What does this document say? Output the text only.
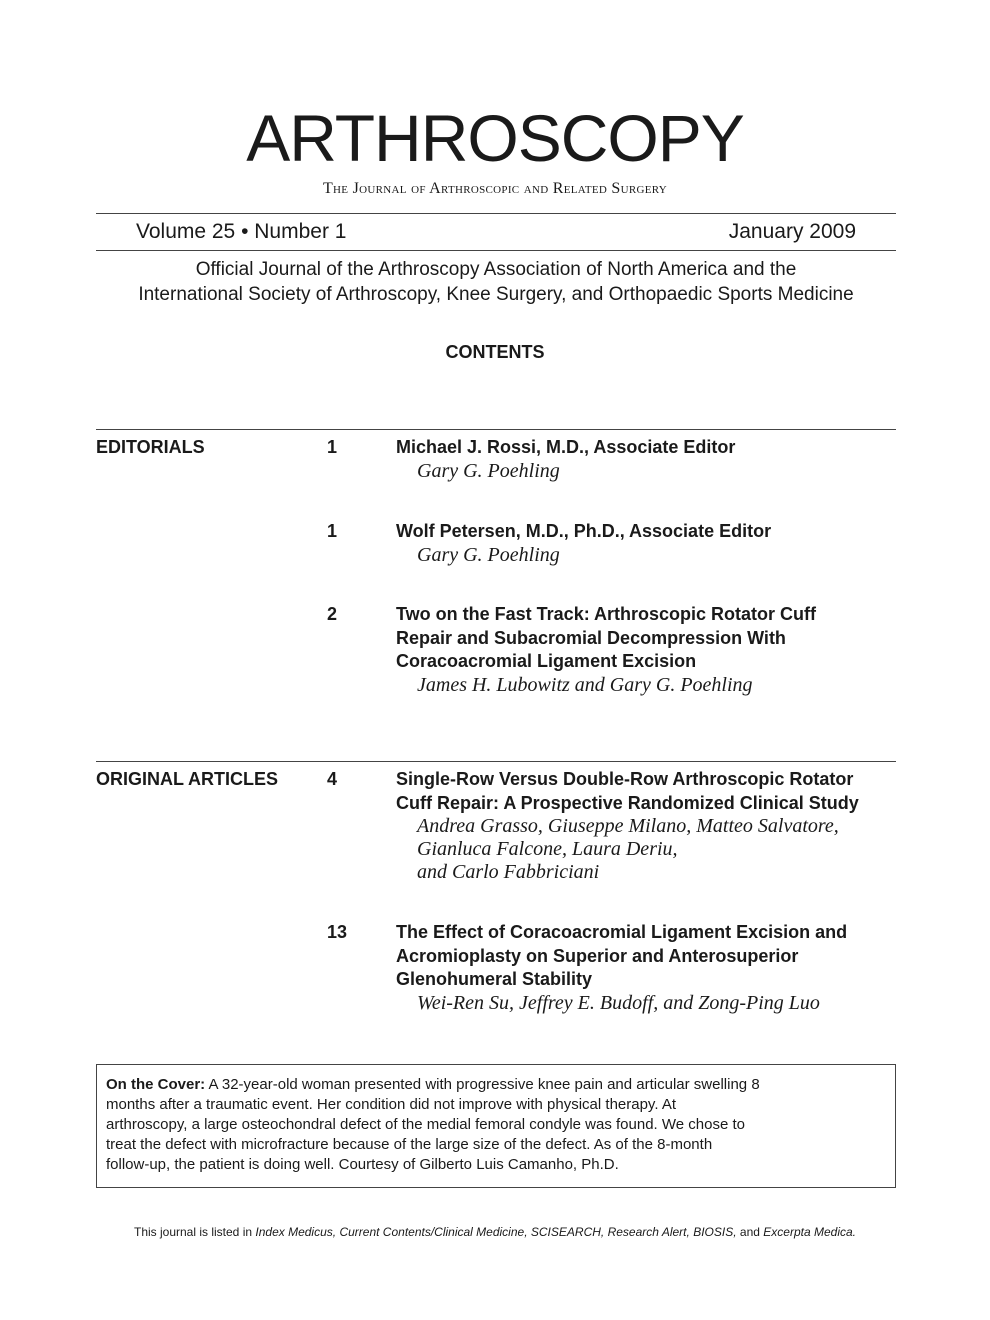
ARTHROSCOPY
The Journal of Arthroscopic and Related Surgery
Volume 25 • Number 1	January 2009
Official Journal of the Arthroscopy Association of North America and the
International Society of Arthroscopy, Knee Surgery, and Orthopaedic Sports Medicine
CONTENTS
EDITORIALS	1	Michael J. Rossi, M.D., Associate Editor
Gary G. Poehling
1	Wolf Petersen, M.D., Ph.D., Associate Editor
Gary G. Poehling
2	Two on the Fast Track: Arthroscopic Rotator Cuff
Repair and Subacromial Decompression With
Coracoacromial Ligament Excision
James H. Lubowitz and Gary G. Poehling
ORIGINAL ARTICLES	4	Single-Row Versus Double-Row Arthroscopic Rotator
Cuff Repair: A Prospective Randomized Clinical Study
Andrea Grasso, Giuseppe Milano, Matteo Salvatore,
Gianluca Falcone, Laura Deriu,
and Carlo Fabbriciani
13	The Effect of Coracoacromial Ligament Excision and
Acromioplasty on Superior and Anterosuperior
Glenohumeral Stability
Wei-Ren Su, Jeffrey E. Budoff, and Zong-Ping Luo
On the Cover: A 32-year-old woman presented with progressive knee pain and articular swelling 8
months after a traumatic event. Her condition did not improve with physical therapy. At
arthroscopy, a large osteochondral defect of the medial femoral condyle was found. We chose to
treat the defect with microfracture because of the large size of the defect. As of the 8-month
follow-up, the patient is doing well. Courtesy of Gilberto Luis Camanho, Ph.D.
This journal is listed in Index Medicus, Current Contents/Clinical Medicine, SCISEARCH, Research Alert, BIOSIS, and Excerpta Medica.
